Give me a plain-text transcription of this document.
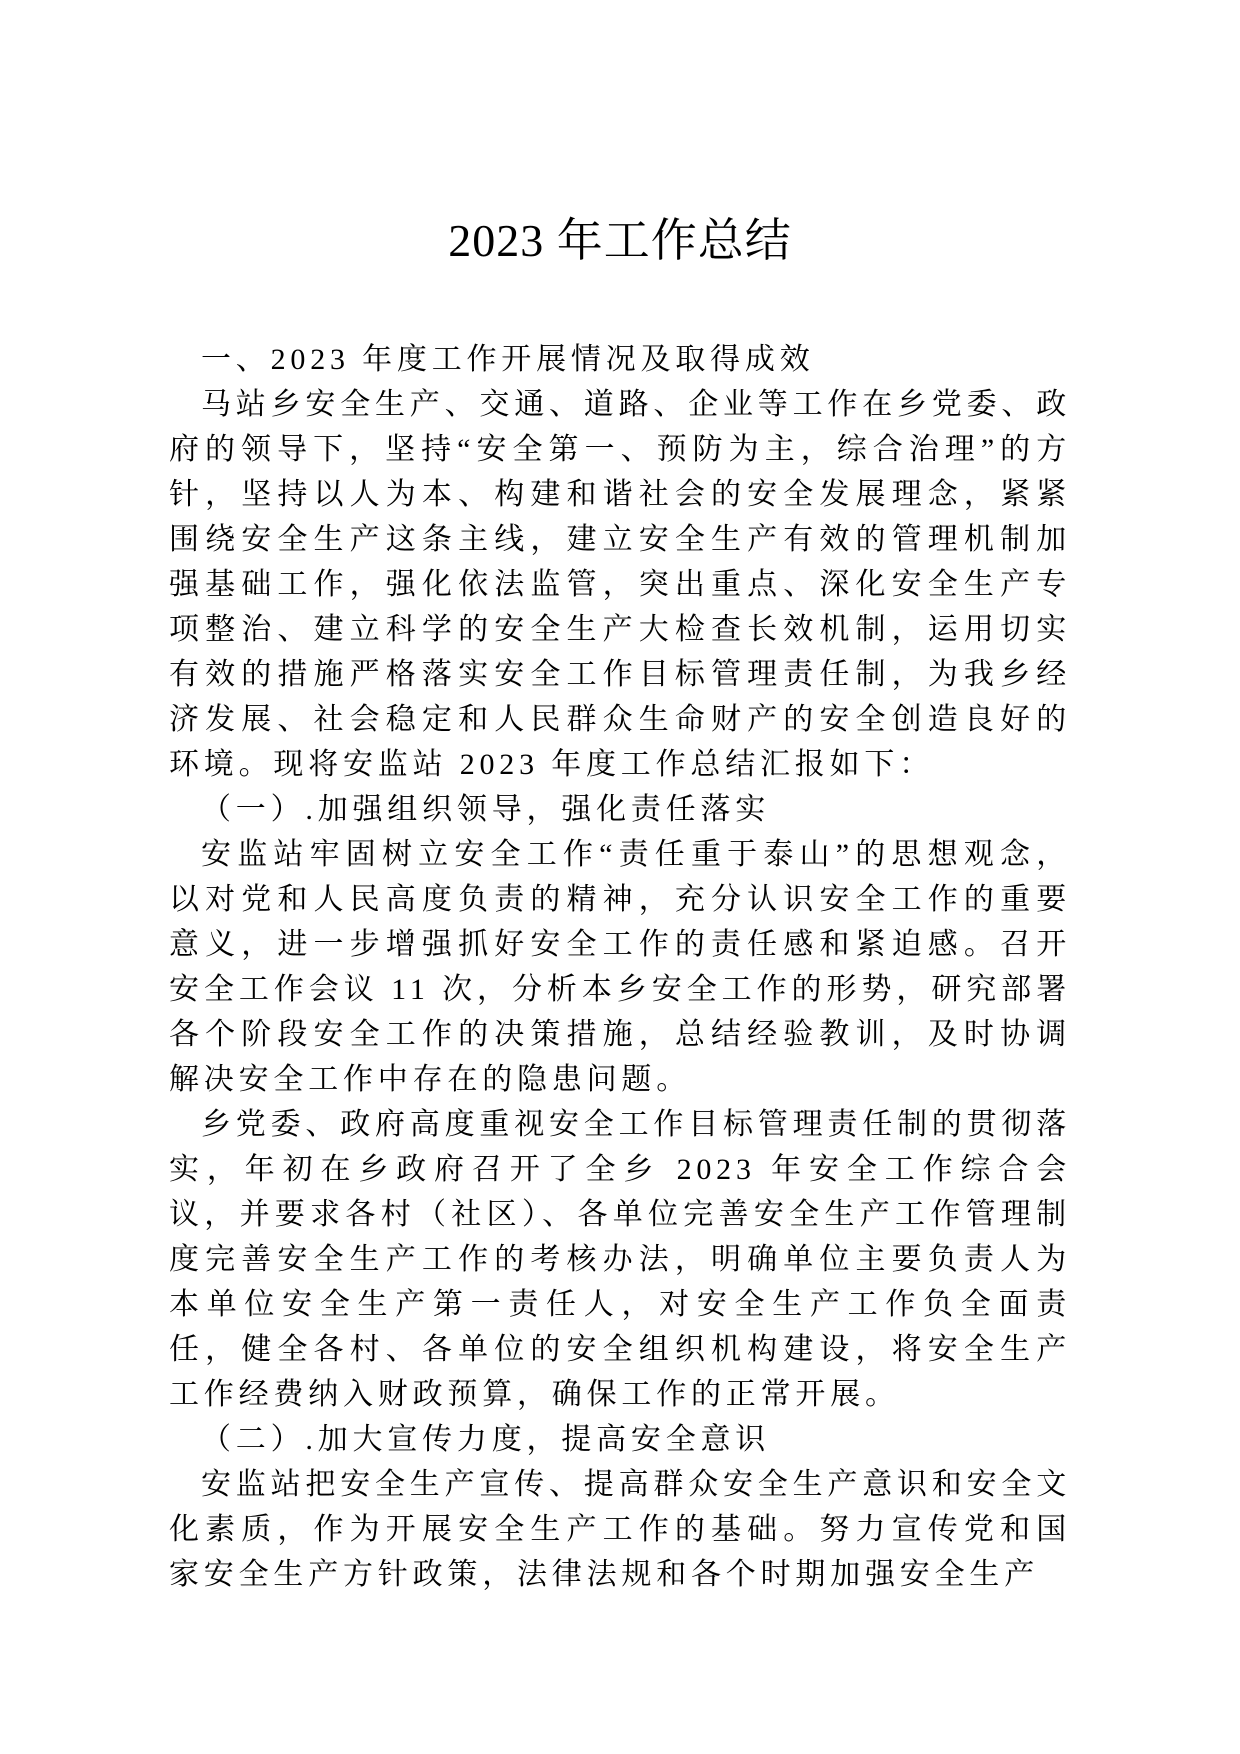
2023 年工作总结

一、2023 年度工作开展情况及取得成效

马站乡安全生产、交通、道路、企业等工作在乡党委、政府的领导下，坚持“安全第一、预防为主，综合治理”的方针，坚持以人为本、构建和谐社会的安全发展理念，紧紧围绕安全生产这条主线，建立安全生产有效的管理机制加强基础工作，强化依法监管，突出重点、深化安全生产专项整治、建立科学的安全生产大检查长效机制，运用切实有效的措施严格落实安全工作目标管理责任制，为我乡经济发展、社会稳定和人民群众生命财产的安全创造良好的环境。现将安监站 2023 年度工作总结汇报如下：

（一）.加强组织领导，强化责任落实

安监站牢固树立安全工作“责任重于泰山”的思想观念，以对党和人民高度负责的精神，充分认识安全工作的重要意义，进一步增强抓好安全工作的责任感和紧迫感。召开安全工作会议 11 次，分析本乡安全工作的形势，研究部署各个阶段安全工作的决策措施，总结经验教训，及时协调解决安全工作中存在的隐患问题。

乡党委、政府高度重视安全工作目标管理责任制的贯彻落实，年初在乡政府召开了全乡 2023 年安全工作综合会议，并要求各村（社区）、各单位完善安全生产工作管理制度完善安全生产工作的考核办法，明确单位主要负责人为本单位安全生产第一责任人，对安全生产工作负全面责任，健全各村、各单位的安全组织机构建设，将安全生产工作经费纳入财政预算，确保工作的正常开展。

（二）.加大宣传力度，提高安全意识

安监站把安全生产宣传、提高群众安全生产意识和安全文化素质，作为开展安全生产工作的基础。努力宣传党和国家安全生产方针政策，法律法规和各个时期加强安全生产
